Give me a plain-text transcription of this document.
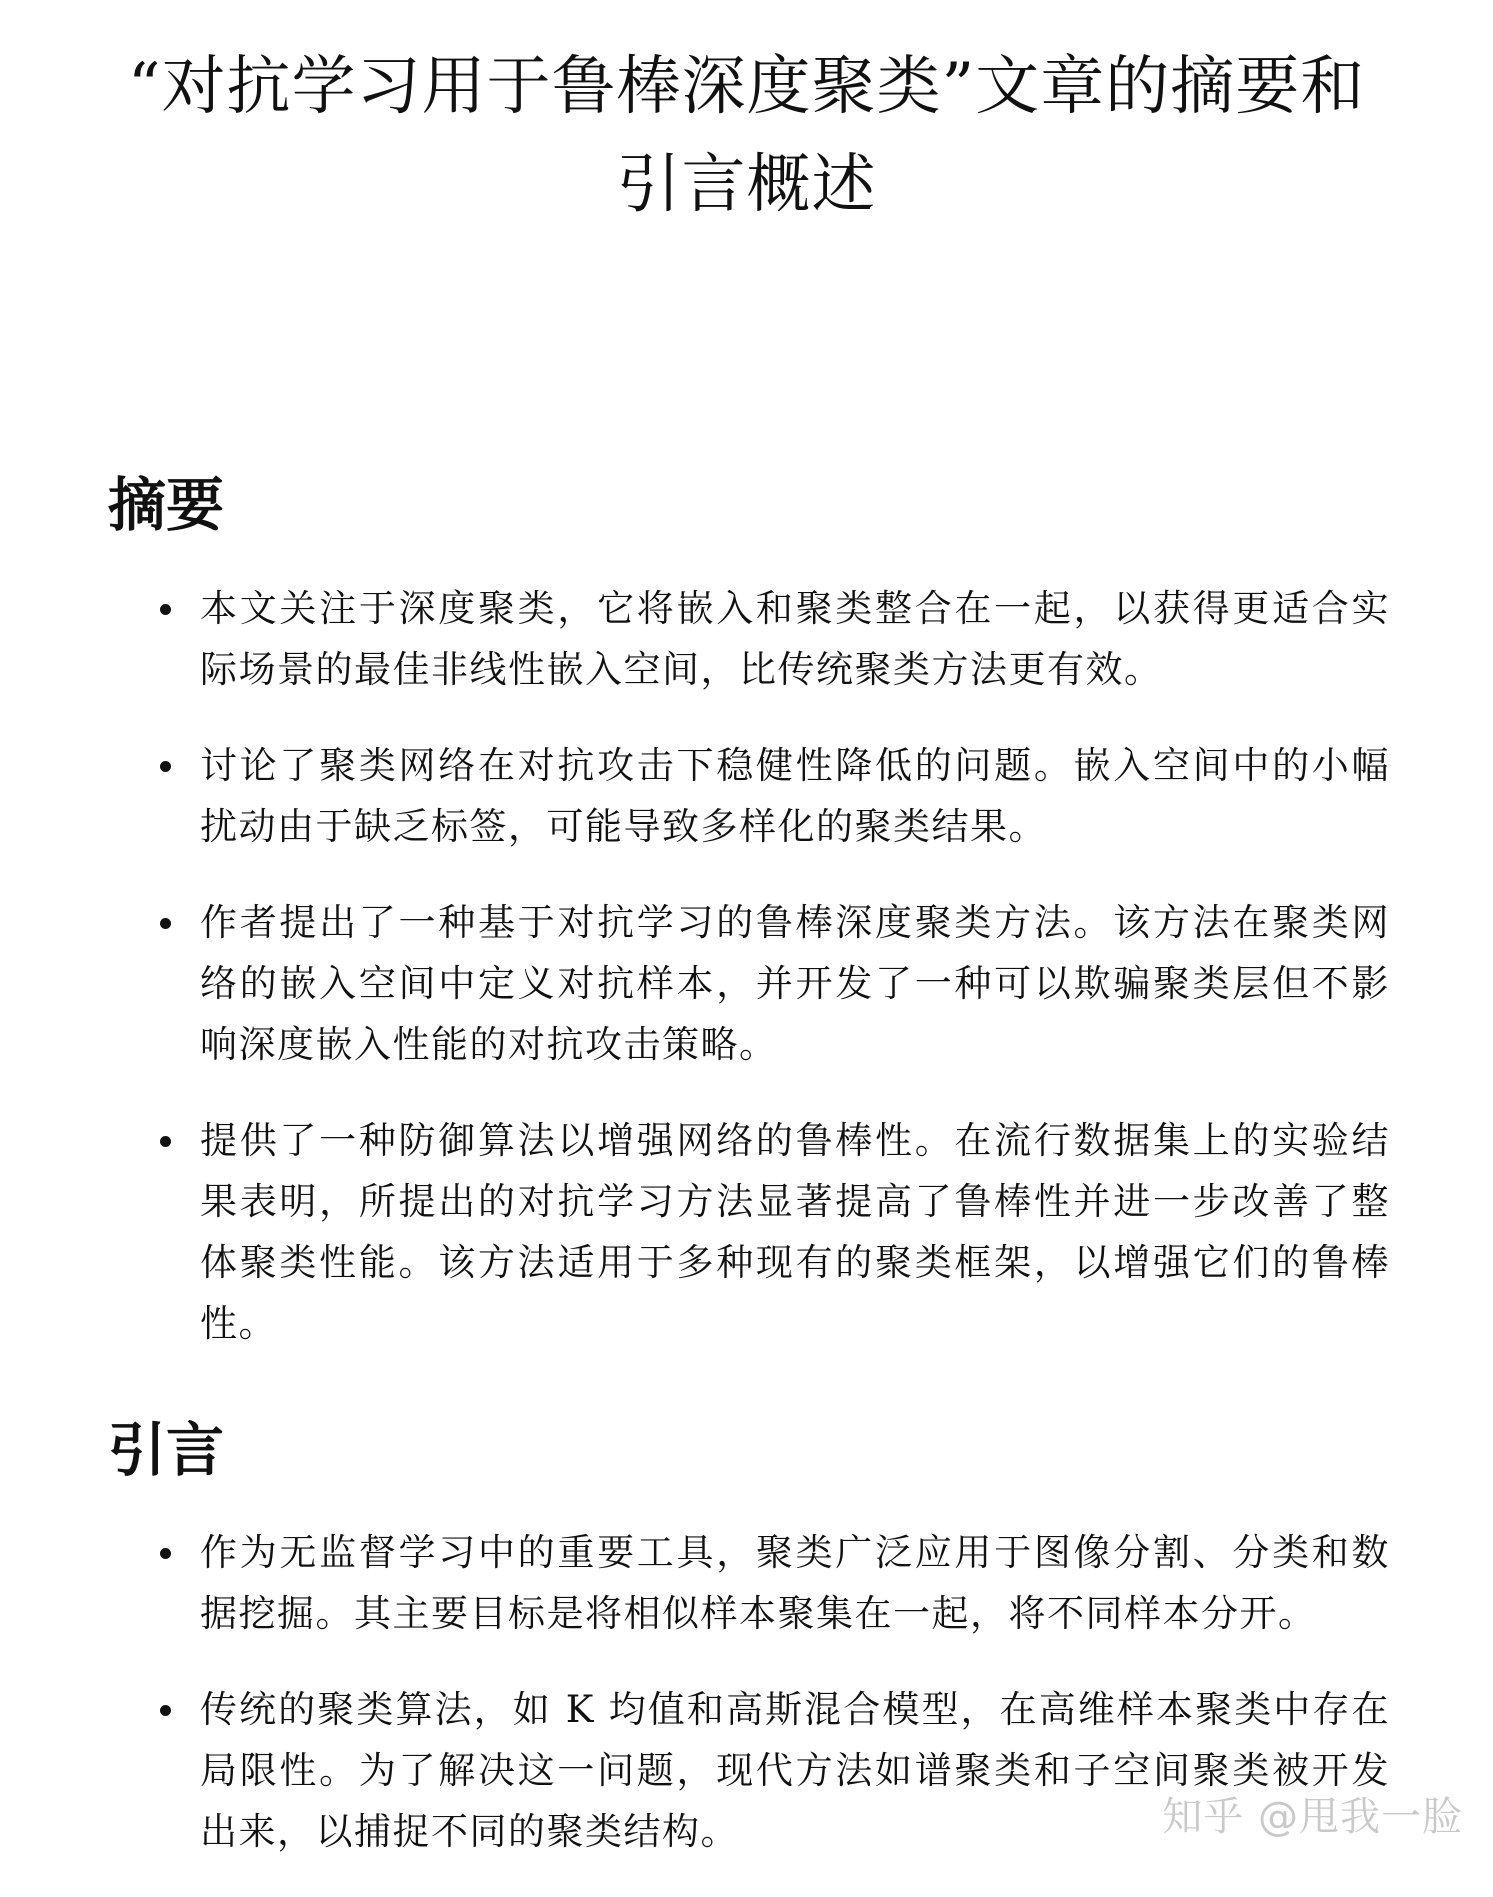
“对抗学习用于鲁棒深度聚类”文章的摘要和引言概述
摘要
本文关注于深度聚类，它将嵌入和聚类整合在一起，以获得更适合实际场景的最佳非线性嵌入空间，比传统聚类方法更有效。
讨论了聚类网络在对抗攻击下稳健性降低的问题。嵌入空间中的小幅扰动由于缺乏标签，可能导致多样化的聚类结果。
作者提出了一种基于对抗学习的鲁棒深度聚类方法。该方法在聚类网络的嵌入空间中定义对抗样本，并开发了一种可以欺骗聚类层但不影响深度嵌入性能的对抗攻击策略。
提供了一种防御算法以增强网络的鲁棒性。在流行数据集上的实验结果表明，所提出的对抗学习方法显著提高了鲁棒性并进一步改善了整体聚类性能。该方法适用于多种现有的聚类框架，以增强它们的鲁棒性。
引言
作为无监督学习中的重要工具，聚类广泛应用于图像分割、分类和数据挖掘。其主要目标是将相似样本聚集在一起，将不同样本分开。
传统的聚类算法，如 K 均值和高斯混合模型，在高维样本聚类中存在局限性。为了解决这一问题，现代方法如谱聚类和子空间聚类被开发出来，以捕捉不同的聚类结构。	知乎 @甩我一脸
